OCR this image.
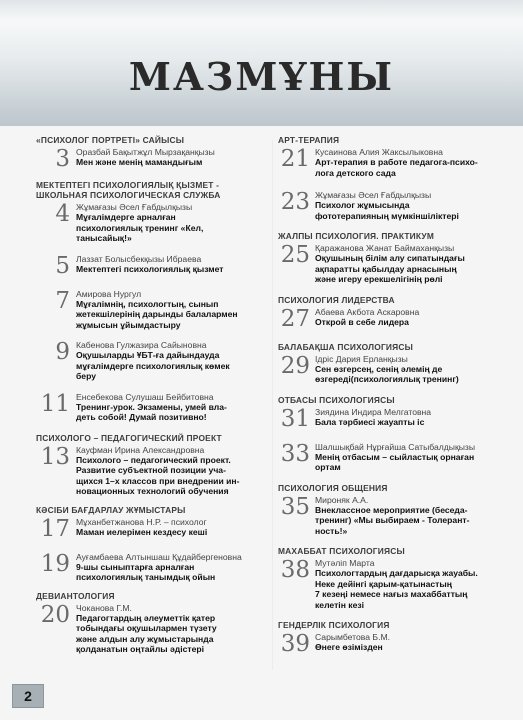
МАЗМҰНЫ
«ПСИХОЛОГ ПОРТРЕТІ» САЙЫСЫ
3 Оразбай Бақытжұл Мырзақанқызы
Мен және менің мамандығым
МЕКТЕПТЕГІ ПСИХОЛОГИЯЛЫҚ ҚЫЗМЕТ -
ШКОЛЬНАЯ ПСИХОЛОГИЧЕСКАЯ СЛУЖБА
4 Жұмағазы Әсел Ғабдылқызы
Мұғалімдерге арналған
психологиялық тренинг «Кел,
танысайық!»
5 Лаззат Болысбекқызы Ибраева
Мектептегі психологиялық қызмет
7 Амирова Нургул
Мұғалімнің, психологтың, сынып
жетекшілерінің дарынды балалармен
жұмысын ұйымдастыру
9 Кабенова Гулжазира Сайыновна
Оқушыларды ҰБТ-ға дайындауда
мұғалімдерге психологиялық көмек
беру
11 Енсебекова Сулушаш Бейбитовна
Тренинг-урок. Экзамены, умей вла-
деть собой! Думай позитивно!
ПСИХОЛОГО – ПЕДАГОГИЧЕСКИЙ ПРОЕКТ
13 Кауфман Ирина Александровна
Психолого – педагогический проект.
Развитие субъектной позиции уча-
щихся 1–х классов при внедрении ин-
новационных технологий обучения
КӘСІБИ БАҒДАРЛАУ ЖҰМЫСТАРЫ
17 Мұханбетжанова Н.Р. – психолог
Маман иелерімен кездесу кеші
19 Ауғамбаева Алтыншаш Құдайбергеновна
9-шы сыныптарға арналған
психологиялық танымдық ойын
ДЕВИАНТОЛОГИЯ
20 Чоканова Г.М.
Педагогтардың әлеуметтік қатер
тобындағы оқушылармен түзету
және алдын алу жұмыстарында
қолданатын оңтайлы әдістері
АРТ-ТЕРАПИЯ
21 Кусаинова Алия Жаксылыковна
Арт-терапия в работе педагога-психо-
лога детского сада
23 Жұмағазы Әсел Ғабдылқызы
Психолог жұмысында
фототерапияның мүмкіншіліктері
ЖАЛПЫ ПСИХОЛОГИЯ. ПРАКТИКУМ
25 Қаражанова Жанат Баймаханқызы
Оқушының білім алу сипатындағы
ақпаратты қабылдау арнасының
және игеру ерекшелігінің рөлі
ПСИХОЛОГИЯ ЛИДЕРСТВА
27 Абаева Акбота Аскаровна
Открой в себе лидера
БАЛАБАҚША ПСИХОЛОГИЯСЫ
29 Ідріс Дария Ерланқызы
Сен өзгерсең, сенің әлемің де
өзгереді(психологиялық тренинг)
ОТБАСЫ ПСИХОЛОГИЯСЫ
31 Зиядина Индира Мелгатовна
Бала тәрбиесі жауапты іс
33 Шалшықбай Нұрғайша Сатыбалдықызы
Менің отбасым – сыйластық орнаған
ортам
ПСИХОЛОГИЯ ОБЩЕНИЯ
35 Мироняк А.А.
Внеклассное мероприятие (беседа-
тренинг) «Мы выбираем - Толерант-
ность!»
МАХАББАТ ПСИХОЛОГИЯСЫ
38 Мутәліп Марта
Психологтардың дағдарысқа жауабы.
Неке дейінгі қарым-қатынастың
7 кезеңі немесе нағыз махаббаттың
келетін кезі
ГЕНДЕРЛІК ПСИХОЛОГИЯ
39 Сарымбетова Б.М.
Өнеге өзімізден
2
